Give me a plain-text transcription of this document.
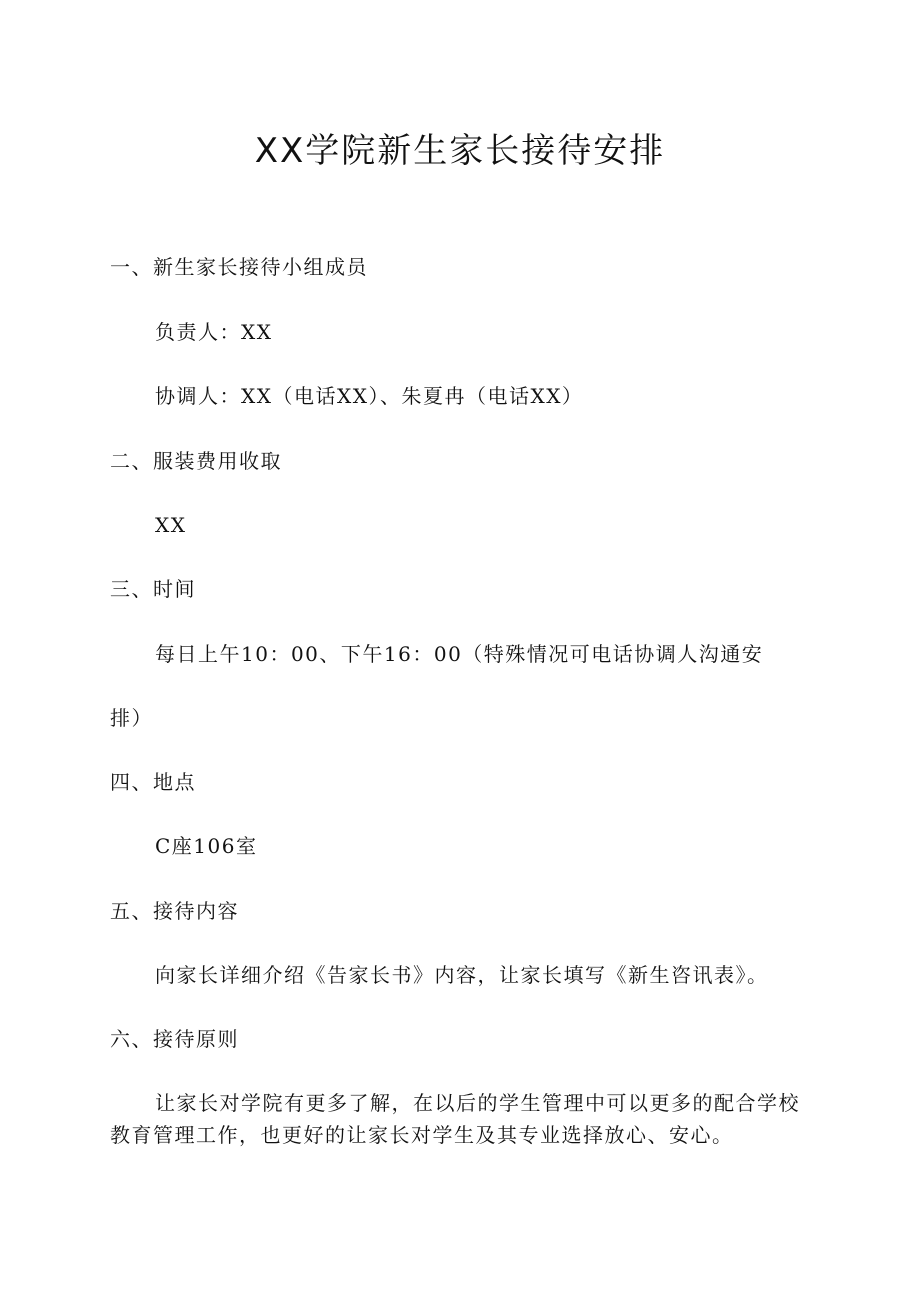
XX学院新生家长接待安排
一、新生家长接待小组成员
负责人：XX
协调人：XX（电话XX）、朱夏冉（电话XX）
二、服装费用收取
XX
三、时间
每日上午10：00、下午16：00（特殊情况可电话协调人沟通安
排）
四、地点
C座106室
五、接待内容
向家长详细介绍《告家长书》内容，让家长填写《新生咨讯表》。
六、接待原则

让家长对学院有更多了解，在以后的学生管理中可以更多的配合学校教育管理工作，也更好的让家长对学生及其专业选择放心、安心。
